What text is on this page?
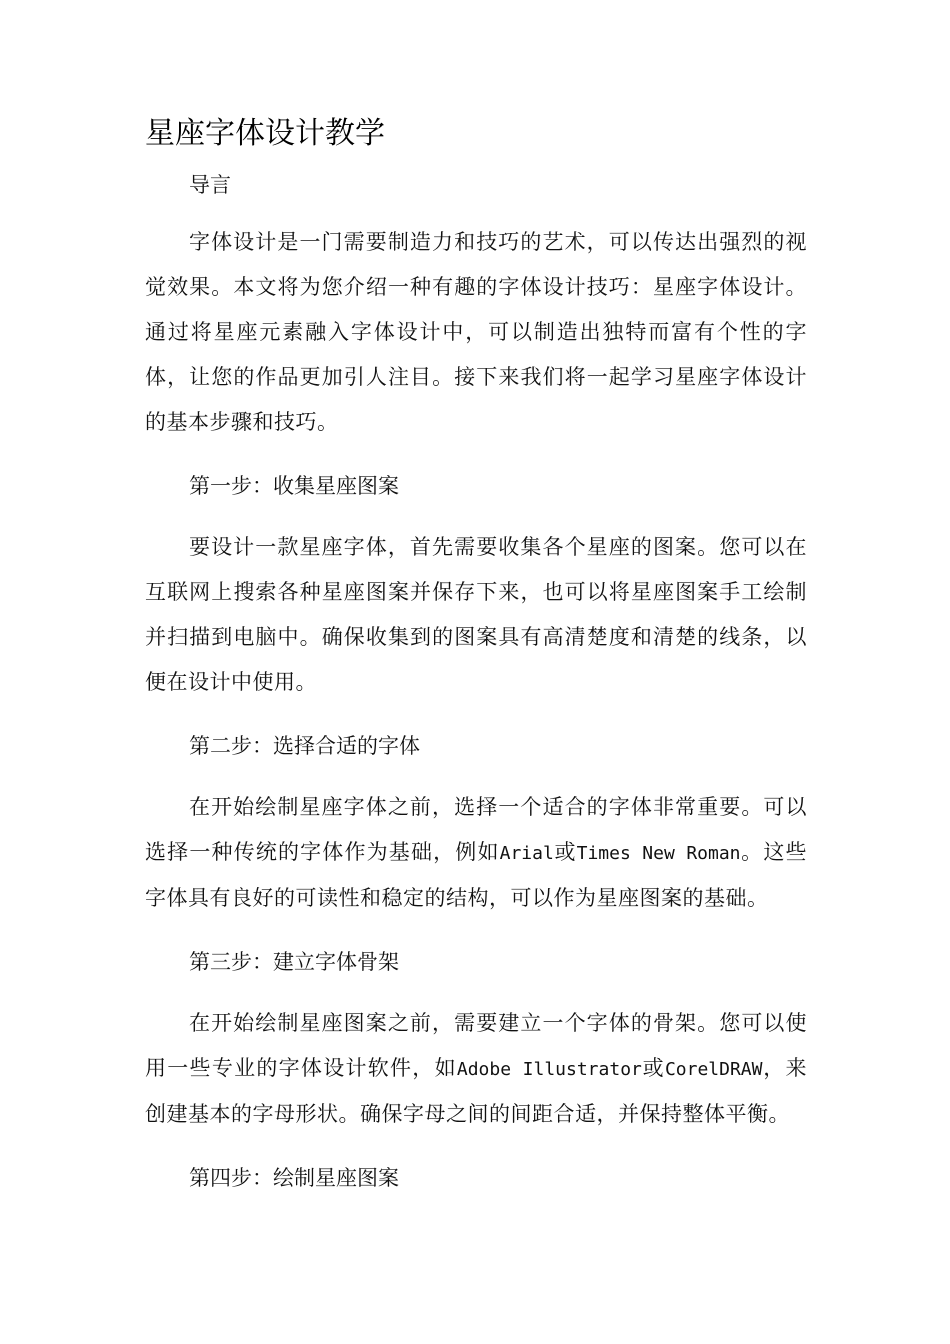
星座字体设计教学

导言

字体设计是一门需要制造力和技巧的艺术，可以传达出强烈的视觉效果。本文将为您介绍一种有趣的字体设计技巧：星座字体设计。通过将星座元素融入字体设计中，可以制造出独特而富有个性的字体，让您的作品更加引人注目。接下来我们将一起学习星座字体设计的基本步骤和技巧。

第一步：收集星座图案

要设计一款星座字体，首先需要收集各个星座的图案。您可以在互联网上搜索各种星座图案并保存下来，也可以将星座图案手工绘制并扫描到电脑中。确保收集到的图案具有高清楚度和清楚的线条，以便在设计中使用。

第二步：选择合适的字体

在开始绘制星座字体之前，选择一个适合的字体非常重要。可以选择一种传统的字体作为基础，例如Arial或Times New Roman。这些字体具有良好的可读性和稳定的结构，可以作为星座图案的基础。

第三步：建立字体骨架

在开始绘制星座图案之前，需要建立一个字体的骨架。您可以使用一些专业的字体设计软件，如Adobe Illustrator或CorelDRAW，来创建基本的字母形状。确保字母之间的间距合适，并保持整体平衡。

第四步：绘制星座图案
